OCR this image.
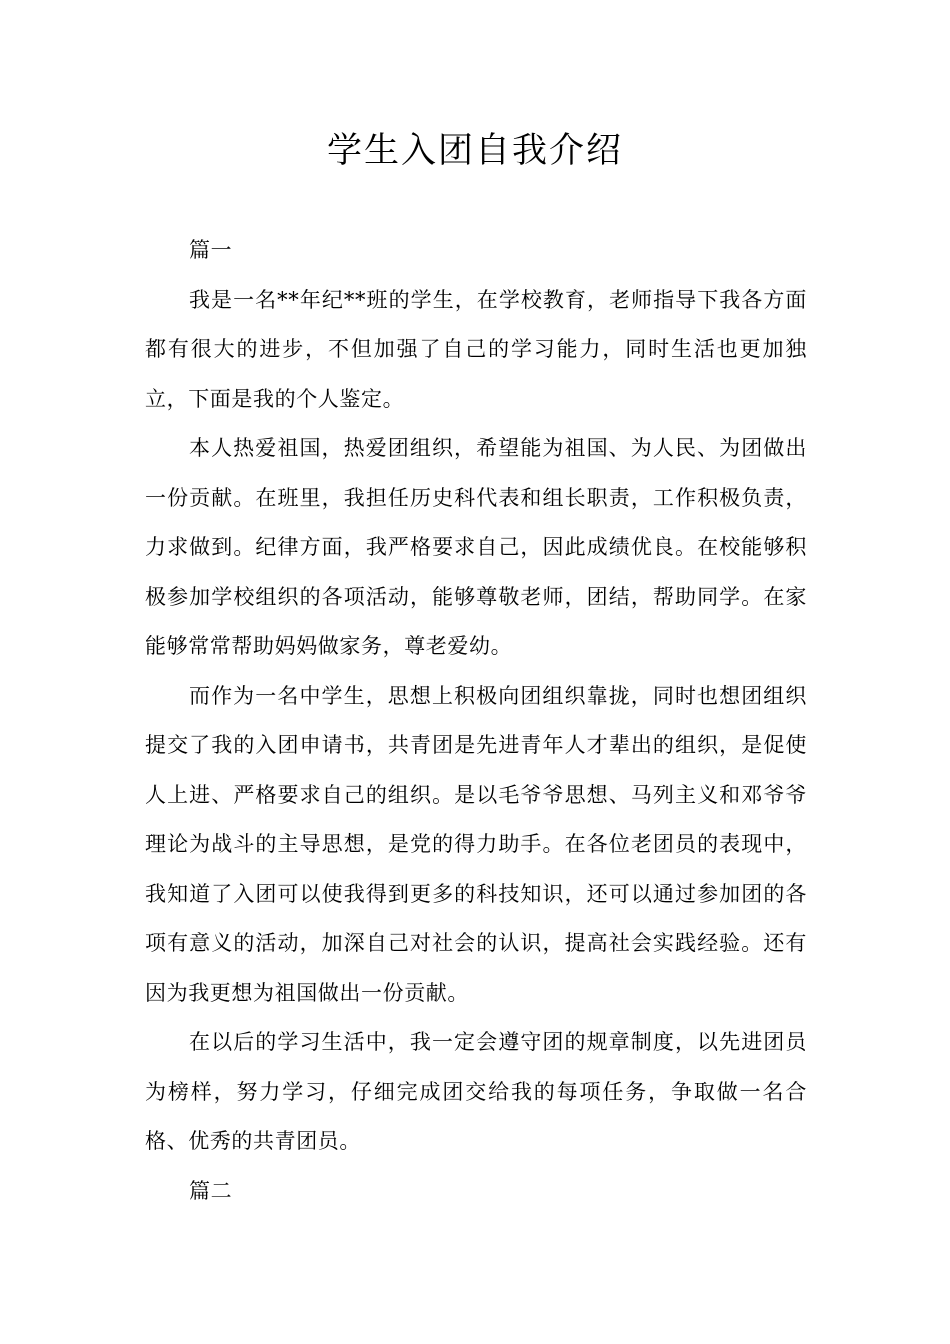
学生入团自我介绍

篇一

我是一名**年纪**班的学生，在学校教育，老师指导下我各方面都有很大的进步，不但加强了自己的学习能力，同时生活也更加独立，下面是我的个人鉴定。

本人热爱祖国，热爱团组织，希望能为祖国、为人民、为团做出一份贡献。在班里，我担任历史科代表和组长职责，工作积极负责，力求做到。纪律方面，我严格要求自己，因此成绩优良。在校能够积极参加学校组织的各项活动，能够尊敬老师，团结，帮助同学。在家能够常常帮助妈妈做家务，尊老爱幼。

而作为一名中学生，思想上积极向团组织靠拢，同时也想团组织提交了我的入团申请书，共青团是先进青年人才辈出的组织，是促使人上进、严格要求自己的组织。是以毛爷爷思想、马列主义和邓爷爷理论为战斗的主导思想，是党的得力助手。在各位老团员的表现中，我知道了入团可以使我得到更多的科技知识，还可以通过参加团的各项有意义的活动，加深自己对社会的认识，提高社会实践经验。还有因为我更想为祖国做出一份贡献。

在以后的学习生活中，我一定会遵守团的规章制度，以先进团员为榜样，努力学习，仔细完成团交给我的每项任务，争取做一名合格、优秀的共青团员。

篇二
